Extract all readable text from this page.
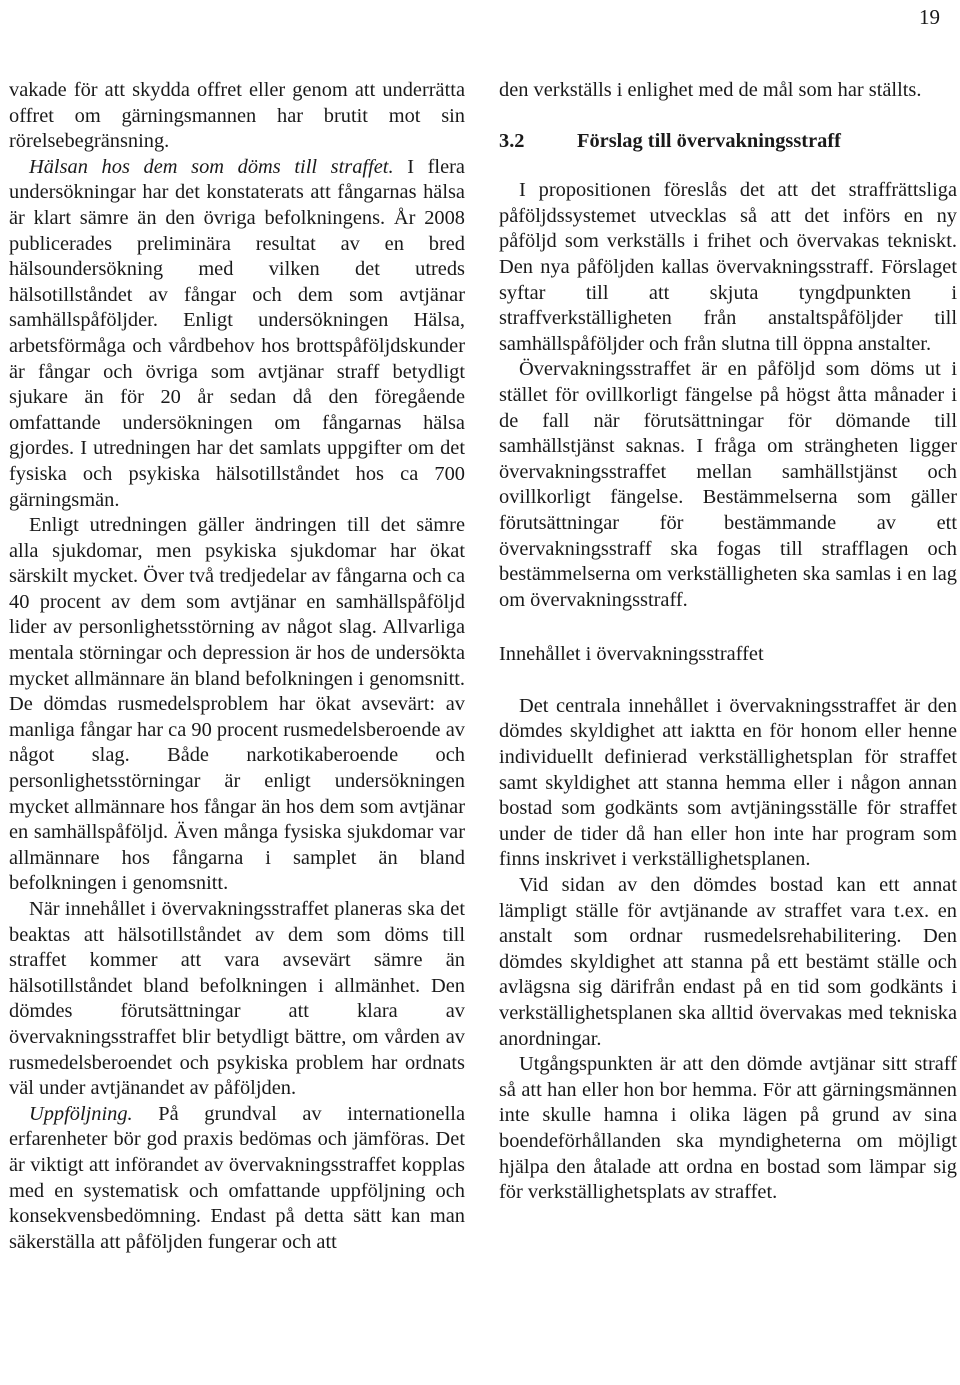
19

vakade för att skydda offret eller genom att underrätta offret om gärningsmannen har brutit mot sin rörelsebegränsning.

Hälsan hos dem som döms till straffet. I flera undersökningar har det konstaterats att fångarnas hälsa är klart sämre än den övriga befolkningens. År 2008 publicerades preliminära resultat av en bred hälsoundersökning med vilken det utreds hälsotillståndet av fångar och dem som avtjänar samhällspåföljder. Enligt undersökningen Hälsa, arbetsförmåga och vårdbehov hos brottspåföljdskunder är fångar och övriga som avtjänar straff betydligt sjukare än för 20 år sedan då den föregående omfattande undersökningen om fångarnas hälsa gjordes. I utredningen har det samlats uppgifter om det fysiska och psykiska hälsotillståndet hos ca 700 gärningsmän.

Enligt utredningen gäller ändringen till det sämre alla sjukdomar, men psykiska sjukdomar har ökat särskilt mycket. Över två tredjedelar av fångarna och ca 40 procent av dem som avtjänar en samhällspåföljd lider av personlighetsstörning av något slag. Allvarliga mentala störningar och depression är hos de undersökta mycket allmännare än bland befolkningen i genomsnitt. De dömdas rusmedelsproblem har ökat avsevärt: av manliga fångar har ca 90 procent rusmedelsberoende av något slag. Både narkotikaberoende och personlighetsstörningar är enligt undersökningen mycket allmännare hos fångar än hos dem som avtjänar en samhällspåföljd. Även många fysiska sjukdomar var allmännare hos fångarna i samplet än bland befolkningen i genomsnitt.

När innehållet i övervakningsstraffet planeras ska det beaktas att hälsotillståndet av dem som döms till straffet kommer att vara avsevärt sämre än hälsotillståndet bland befolkningen i allmänhet. Den dömdes förutsättningar att klara av övervakningsstraffet blir betydligt bättre, om vården av rusmedelsberoendet och psykiska problem har ordnats väl under avtjänandet av påföljden.

Uppföljning. På grundval av internationella erfarenheter bör god praxis bedömas och jämföras. Det är viktigt att införandet av övervakningsstraffet kopplas med en systematisk och omfattande uppföljning och konsekvensbedömning. Endast på detta sätt kan man säkerställa att påföljden fungerar och att

den verkställs i enlighet med de mål som har ställts.

3.2	Förslag till övervakningsstraff

I propositionen föreslås det att det straffrättsliga påföljdssystemet utvecklas så att det införs en ny påföljd som verkställs i frihet och övervakas tekniskt. Den nya påföljden kallas övervakningsstraff. Förslaget syftar till att skjuta tyngdpunkten i straffverkställigheten från anstaltspåföljder till samhällspåföljder och från slutna till öppna anstalter.

Övervakningsstraffet är en påföljd som döms ut i stället för ovillkorligt fängelse på högst åtta månader i de fall när förutsättningar för dömande till samhällstjänst saknas. I fråga om strängheten ligger övervakningsstraffet mellan samhällstjänst och ovillkorligt fängelse. Bestämmelserna som gäller förutsättningar för bestämmande av ett övervakningsstraff ska fogas till strafflagen och bestämmelserna om verkställigheten ska samlas i en lag om övervakningsstraff.

Innehållet i övervakningsstraffet

Det centrala innehållet i övervakningsstraffet är den dömdes skyldighet att iaktta en för honom eller henne individuellt definierad verkställighetsplan för straffet samt skyldighet att stanna hemma eller i någon annan bostad som godkänts som avtjäningsställe för straffet under de tider då han eller hon inte har program som finns inskrivet i verkställighetsplanen.

Vid sidan av den dömdes bostad kan ett annat lämpligt ställe för avtjänande av straffet vara t.ex. en anstalt som ordnar rusmedelsrehabilitering. Den dömdes skyldighet att stanna på ett bestämt ställe och avlägsna sig därifrån endast på en tid som godkänts i verkställighetsplanen ska alltid övervakas med tekniska anordningar.

Utgångspunkten är att den dömde avtjänar sitt straff så att han eller hon bor hemma. För att gärningsmännen inte skulle hamna i olika lägen på grund av sina boendeförhållanden ska myndigheterna om möjligt hjälpa den åtalade att ordna en bostad som lämpar sig för verkställighetsplats av straffet.
